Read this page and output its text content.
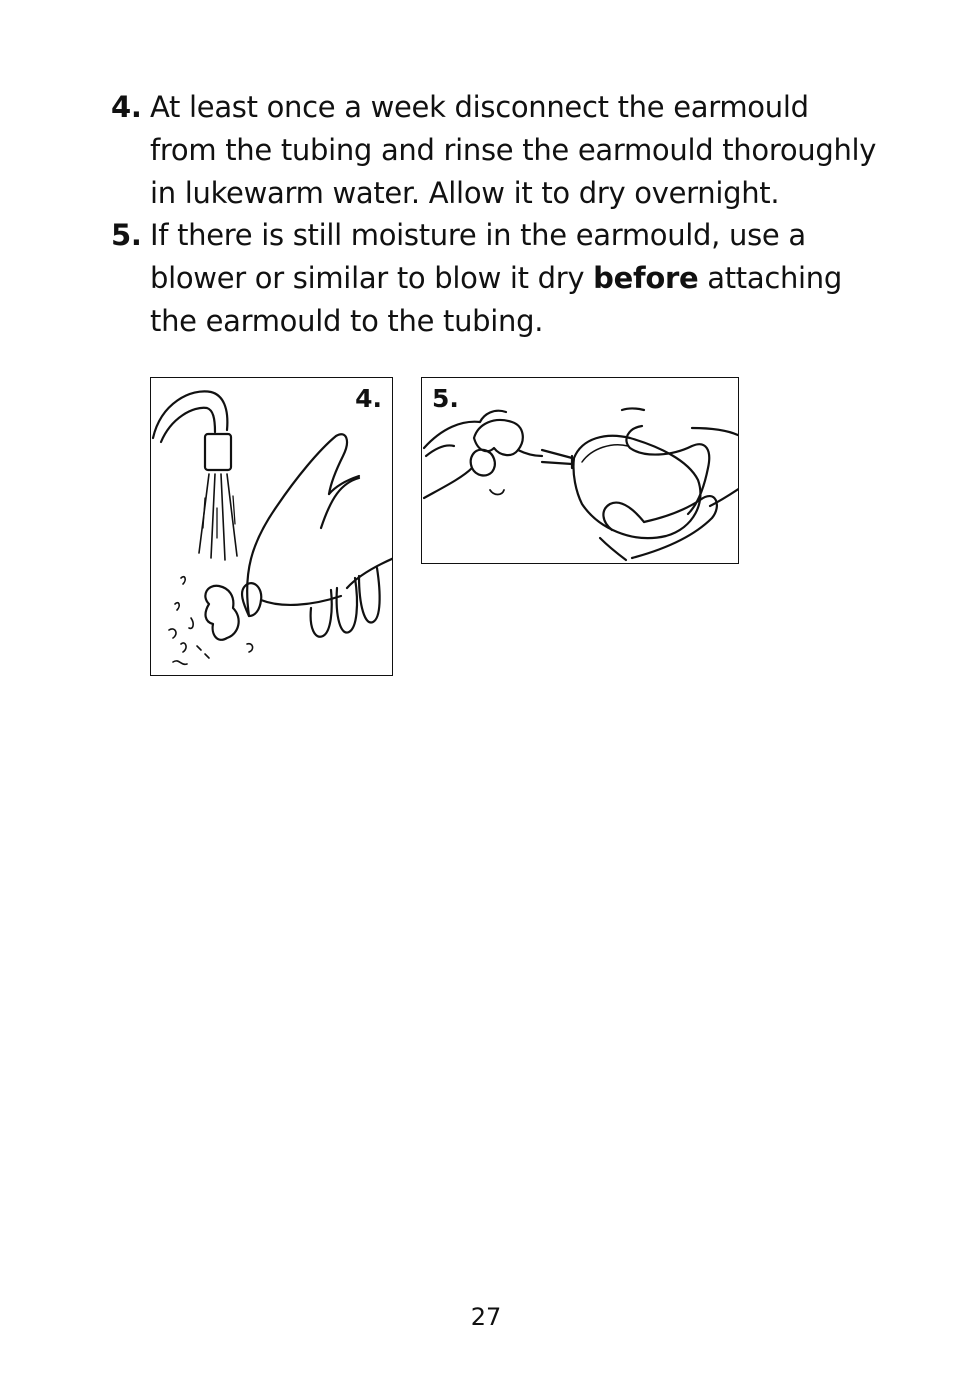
4. At least once a week disconnect the earmould from the tubing and rinse the earmould thoroughly in lukewarm water. Allow it to dry overnight.
5. If there is still moisture in the earmould, use a blower or similar to blow it dry before attaching the earmould to the tubing.
4. 5.
27
